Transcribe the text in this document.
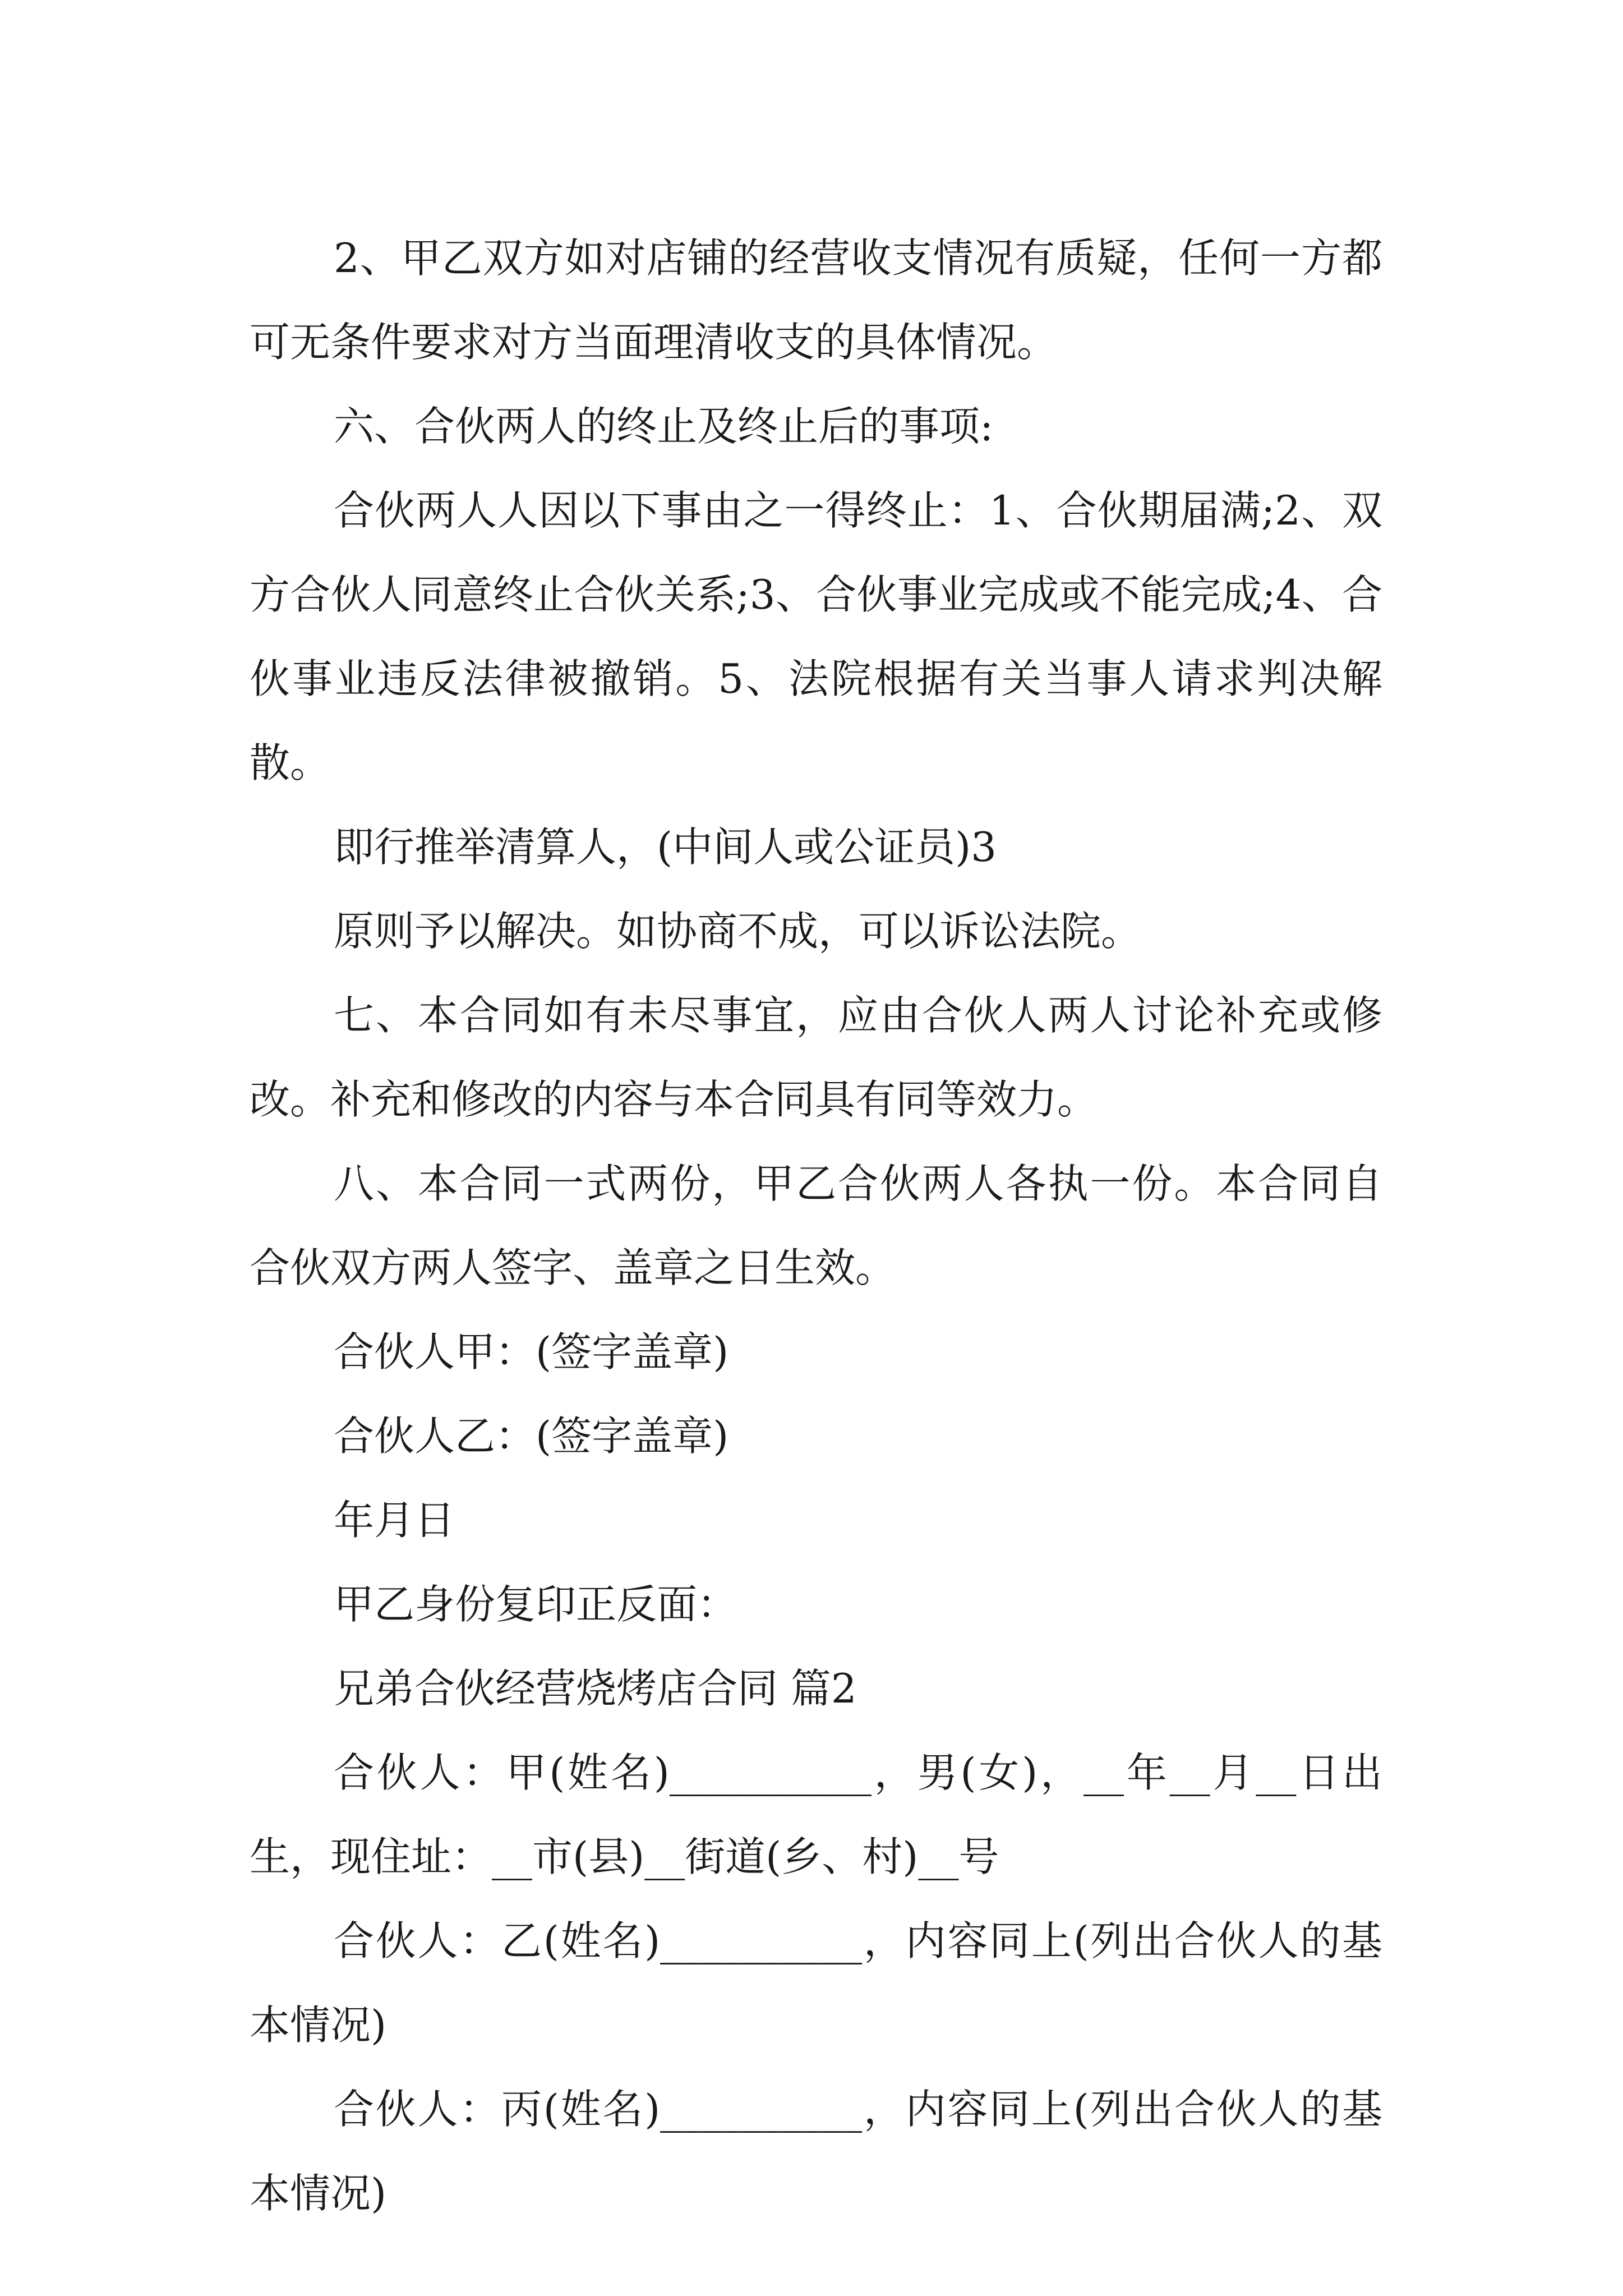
2、甲乙双方如对店铺的经营收支情况有质疑，任何一方都可无条件要求对方当面理清收支的具体情况。

六、合伙两人的终止及终止后的事项:

合伙两人人因以下事由之一得终止：1、合伙期届满;2、双方合伙人同意终止合伙关系;3、合伙事业完成或不能完成;4、合伙事业违反法律被撤销。5、法院根据有关当事人请求判决解散。

即行推举清算人，(中间人或公证员)3

原则予以解决。如协商不成，可以诉讼法院。

七、本合同如有未尽事宜，应由合伙人两人讨论补充或修改。补充和修改的内容与本合同具有同等效力。

八、本合同一式两份，甲乙合伙两人各执一份。本合同自合伙双方两人签字、盖章之日生效。

合伙人甲：(签字盖章)

合伙人乙：(签字盖章)

年月日

甲乙身份复印正反面：

兄弟合伙经营烧烤店合同 篇2

合伙人：甲(姓名)__________，男(女)，__年__月__日出生，现住址：__市(县)__街道(乡、村)__号

合伙人：乙(姓名)__________，内容同上(列出合伙人的基本情况)

合伙人：丙(姓名)__________，内容同上(列出合伙人的基本情况)
